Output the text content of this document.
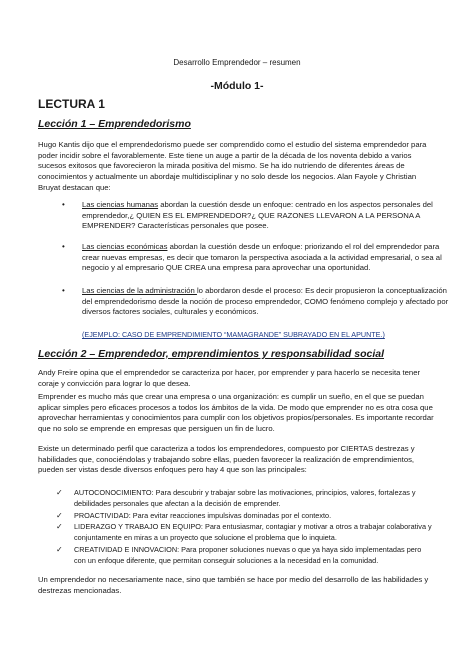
Desarrollo Emprendedor – resumen
-Módulo 1-
LECTURA 1
Lección 1 – Emprendedorismo

Hugo Kantis dijo que el emprendedorismo puede ser comprendido como el estudio del sistema emprendedor para poder incidir sobre el favorablemente. Este tiene un auge a partir de la década de los noventa debido a varios sucesos exitosos que favorecieron la mirada positiva del mismo. Se ha ido nutriendo de diferentes áreas de conocimientos y actualmente un abordaje multidisciplinar y no solo desde los negocios. Alan Fayole y Christian Bruyat destacan que:

• Las ciencias humanas abordan la cuestión desde un enfoque: centrado en los aspectos personales del emprendedor,¿ QUIEN ES EL EMPRENDEDOR?¿ QUE RAZONES LLEVARON A LA PERSONA A EMPRENDER? Características personales que posee.

• Las ciencias económicas abordan la cuestión desde un enfoque: priorizando el rol del emprendedor para crear nuevas empresas, es decir que tomaron la perspectiva asociada a la actividad empresarial, o sea al negocio y al empresario QUE CREA una empresa para aprovechar una oportunidad.

• Las ciencias de la administración lo abordaron desde el proceso: Es decir propusieron la conceptualización del emprendedorismo desde la noción de proceso emprendedor, COMO fenómeno complejo y afectado por diversos factores sociales, culturales y económicos.

(EJEMPLO: CASO DE EMPRENDIMIENTO “MAMAGRANDE” SUBRAYADO EN EL APUNTE.)

Lección 2 – Emprendedor, emprendimientos y responsabilidad social

Andy Freire opina que el emprendedor se caracteriza por hacer, por emprender y para hacerlo se necesita tener coraje y convicción para lograr lo que desea.

Emprender es mucho más que crear una empresa o una organización: es cumplir un sueño, en el que se puedan aplicar simples pero eficaces procesos a todos los ámbitos de la vida. De modo que emprender no es otra cosa que aprovechar herramientas y conocimientos para cumplir con los objetivos propios/personales. Es importante recordar que no solo se emprende en empresas que persiguen un fin de lucro.

Existe un determinado perfil que caracteriza a todos los emprendedores, compuesto por CIERTAS destrezas y habilidades que, conociéndolas y trabajando sobre ellas, pueden favorecer la realización de emprendimientos, pueden ser vistas desde diversos enfoques pero hay 4 que son las principales:

✓ AUTOCONOCIMIENTO: Para descubrir y trabajar sobre las motivaciones, principios, valores, fortalezas y debilidades personales que afectan a la decisión de emprender.

✓ PROACTIVIDAD: Para evitar reacciones impulsivas dominadas por el contexto.

✓ LIDERAZGO Y TRABAJO EN EQUIPO: Para entusiasmar, contagiar y motivar a otros a trabajar colaborativa y conjuntamente en miras a un proyecto que solucione el problema que lo inquieta.

✓ CREATIVIDAD E INNOVACION: Para proponer soluciones nuevas o que ya haya sido implementadas pero con un enfoque diferente, que permitan conseguir soluciones a la necesidad en la comunidad.

Un emprendedor no necesariamente nace, sino que también se hace por medio del desarrollo de las habilidades y destrezas mencionadas.
